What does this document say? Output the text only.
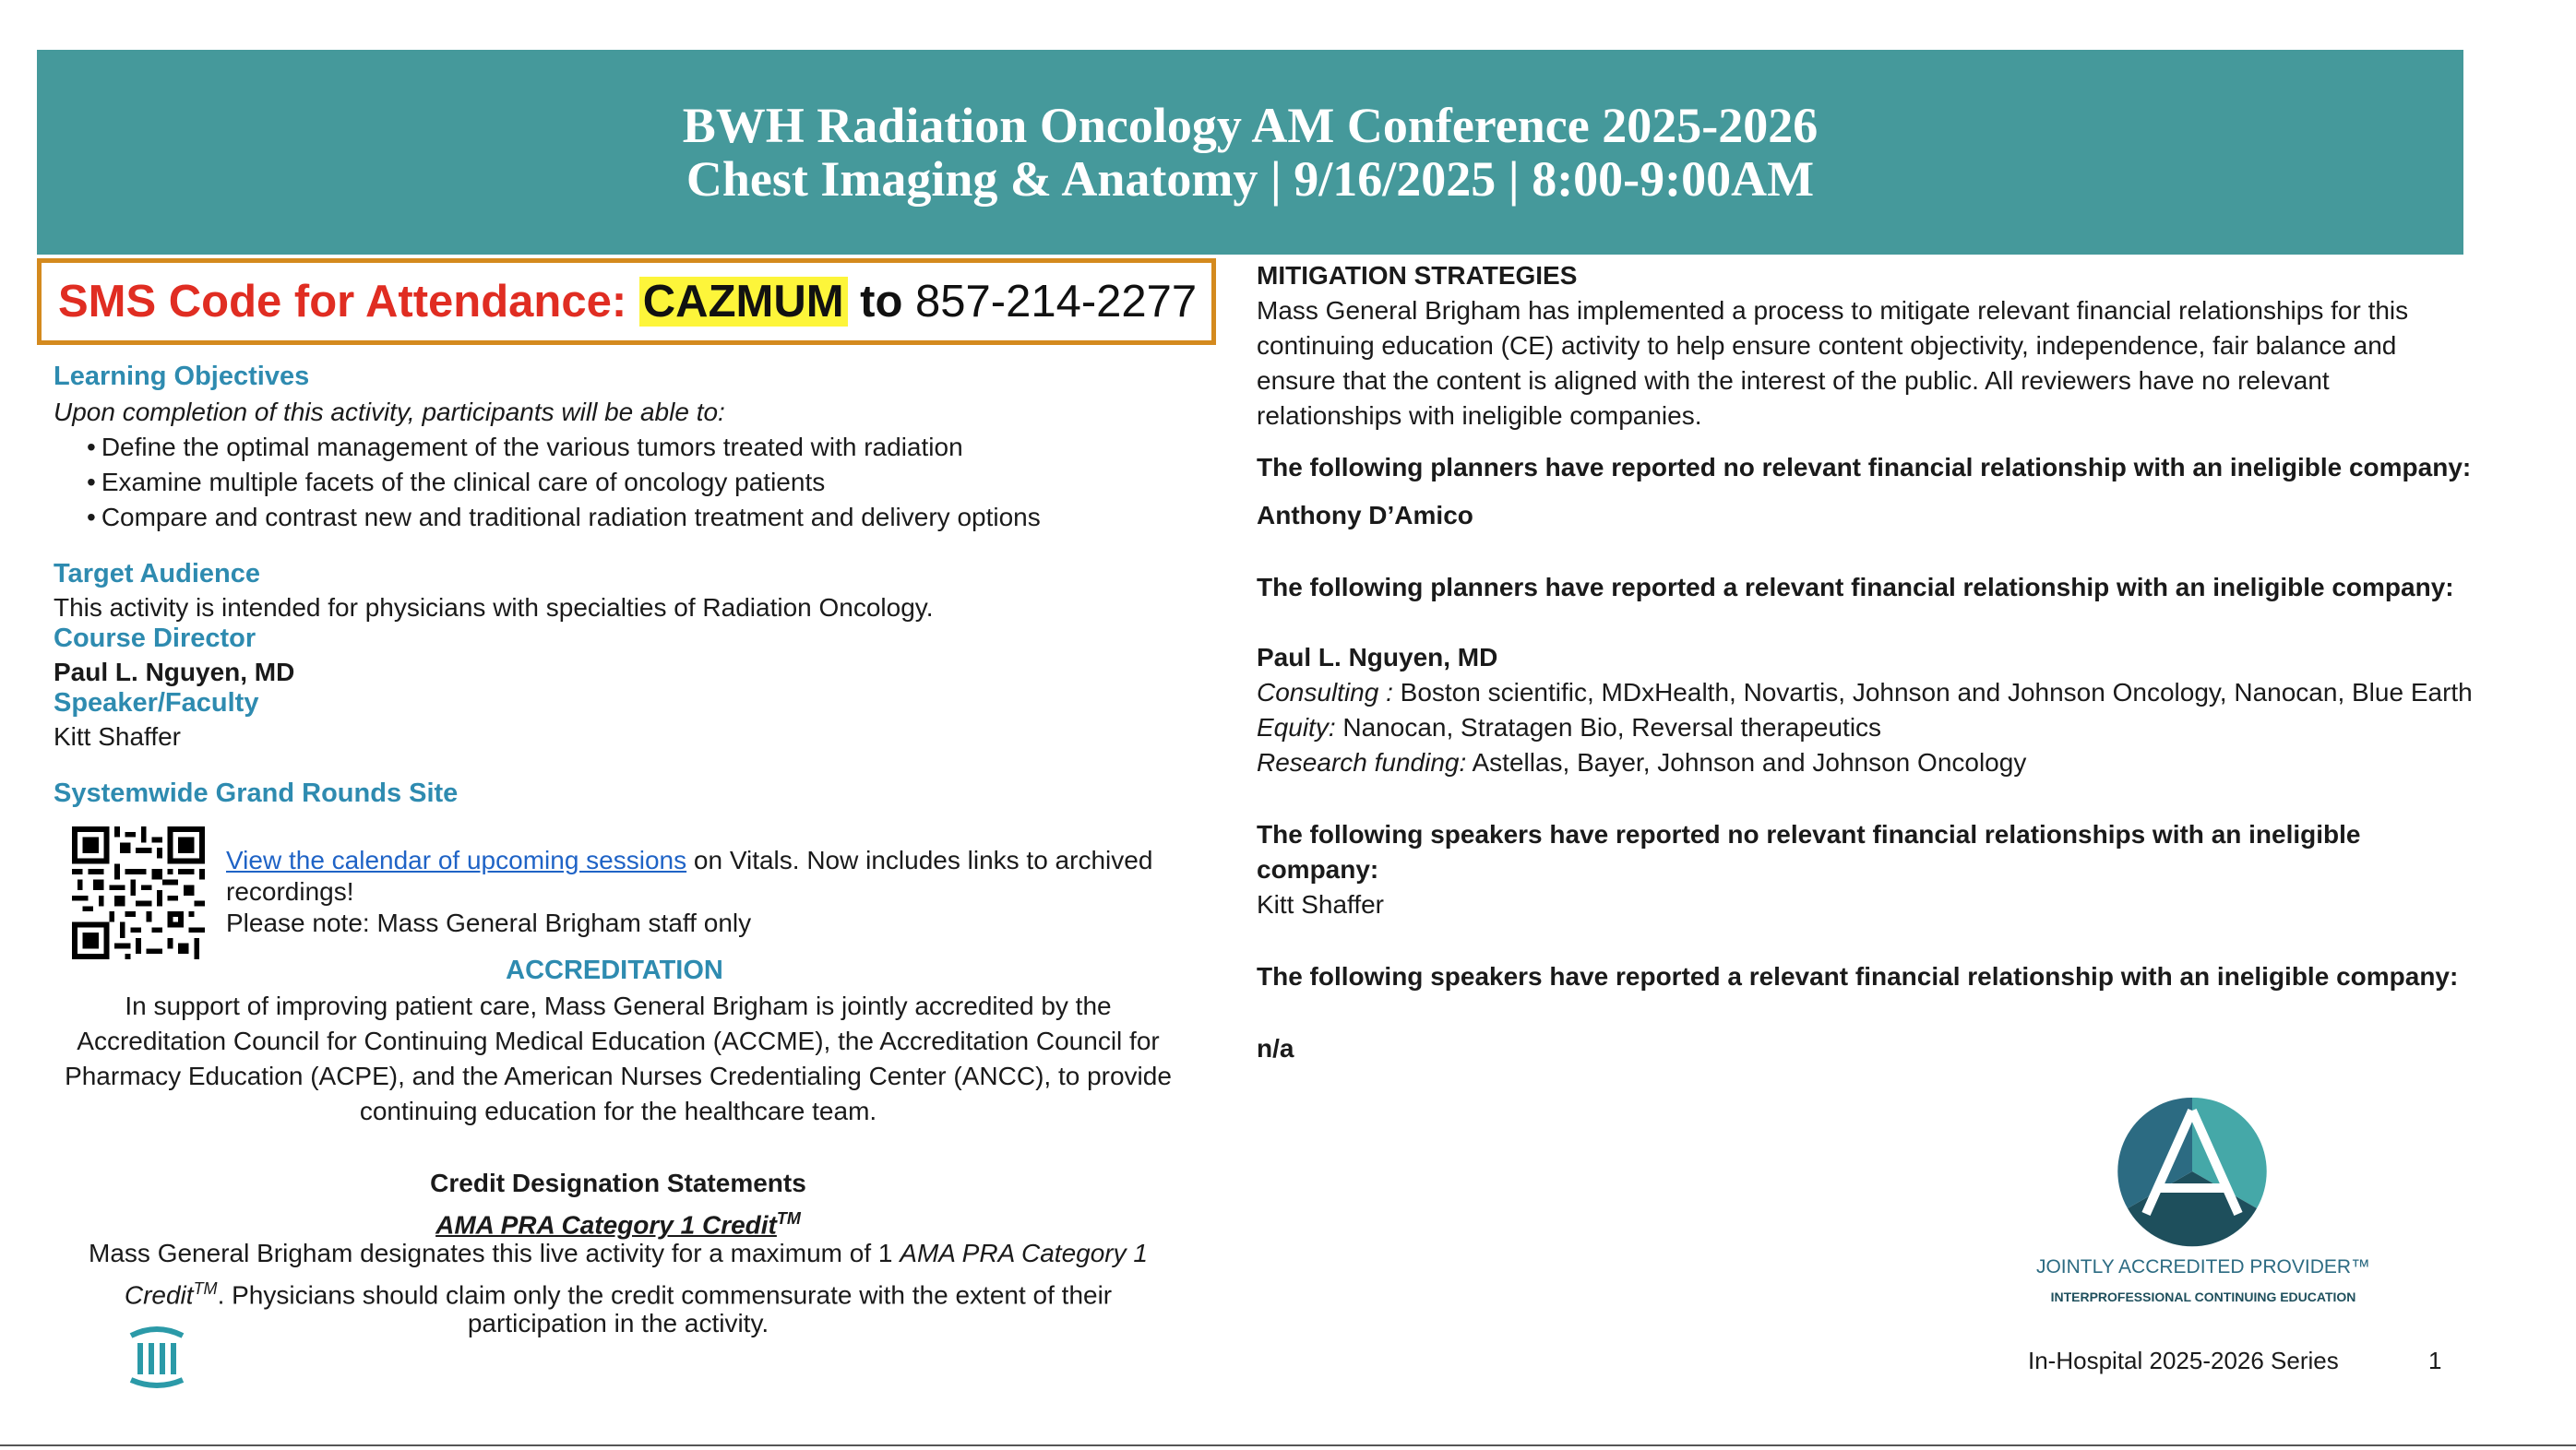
BWH Radiation Oncology AM Conference 2025-2026
Chest Imaging & Anatomy | 9/16/2025 | 8:00-9:00AM
SMS Code for Attendance: CAZMUM to 857-214-2277
Learning Objectives
Upon completion of this activity, participants will be able to:
• Define the optimal management of the various tumors treated with radiation
• Examine multiple facets of the clinical care of oncology patients
• Compare and contrast new and traditional radiation treatment and delivery options
Target Audience
This activity is intended for physicians with specialties of Radiation Oncology.
Course Director
Paul L. Nguyen, MD
Speaker/Faculty
Kitt Shaffer
Systemwide Grand Rounds Site
View the calendar of upcoming sessions on Vitals. Now includes links to archived
recordings!
Please note: Mass General Brigham staff only
ACCREDITATION
In support of improving patient care, Mass General Brigham is jointly accredited by the
Accreditation Council for Continuing Medical Education (ACCME), the Accreditation Council for
Pharmacy Education (ACPE), and the American Nurses Credentialing Center (ANCC), to provide
continuing education for the healthcare team.
Credit Designation Statements
AMA PRA Category 1 Credit™
Mass General Brigham designates this live activity for a maximum of 1 AMA PRA Category 1
Credit™. Physicians should claim only the credit commensurate with the extent of their
participation in the activity.
MITIGATION STRATEGIES
Mass General Brigham has implemented a process to mitigate relevant financial relationships for this
continuing education (CE) activity to help ensure content objectivity, independence, fair balance and
ensure that the content is aligned with the interest of the public. All reviewers have no relevant
relationships with ineligible companies.
The following planners have reported no relevant financial relationship with an ineligible company:
Anthony D’Amico
The following planners have reported a relevant financial relationship with an ineligible company:
Paul L. Nguyen, MD
Consulting : Boston scientific, MDxHealth, Novartis, Johnson and Johnson Oncology, Nanocan, Blue Earth
Equity: Nanocan, Stratagen Bio, Reversal therapeutics
Research funding: Astellas, Bayer, Johnson and Johnson Oncology
The following speakers have reported no relevant financial relationships with an ineligible
company:
Kitt Shaffer
The following speakers have reported a relevant financial relationship with an ineligible company:
n/a
JOINTLY ACCREDITED PROVIDER™
INTERPROFESSIONAL CONTINUING EDUCATION
In-Hospital 2025-2026 Series	1
